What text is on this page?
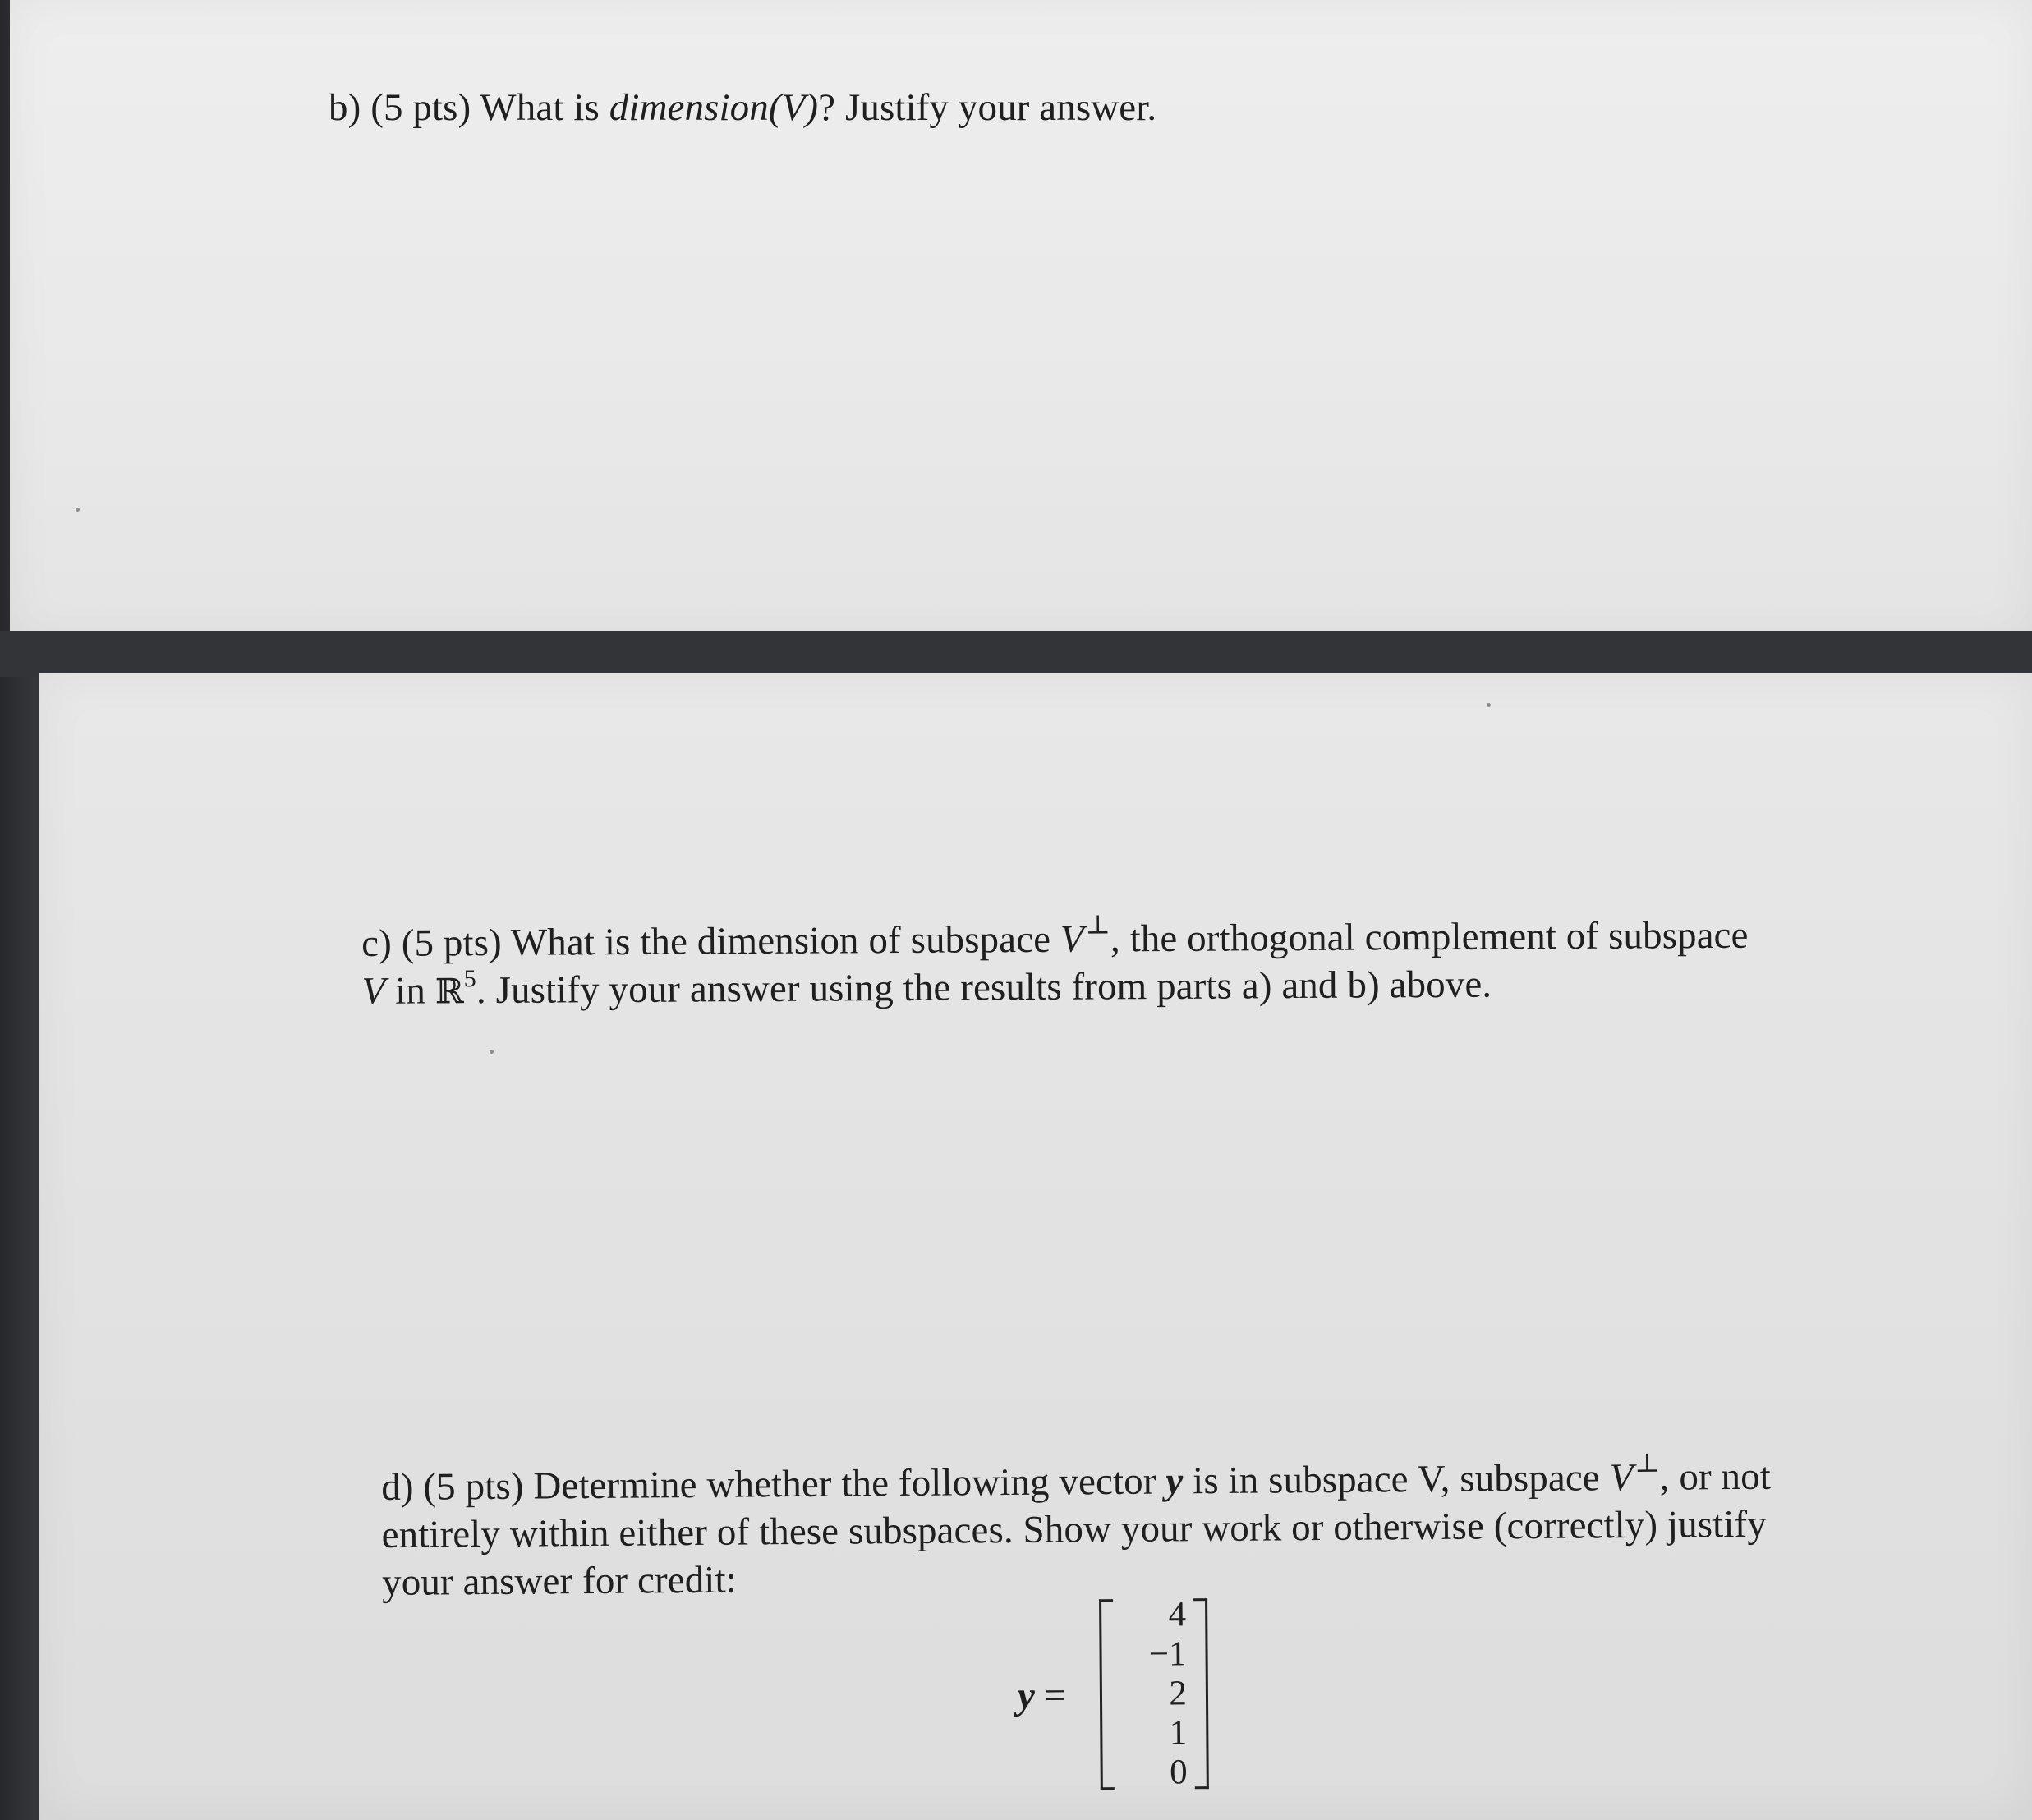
b) (5 pts) What is dimension(V)? Justify your answer.

c) (5 pts) What is the dimension of subspace V⊥, the orthogonal complement of subspace
V in ℝ$^5$. Justify your answer using the results from parts a) and b) above.

d) (5 pts) Determine whether the following vector y is in subspace V, subspace V⊥, or not
entirely within either of these subspaces. Show your work or otherwise (correctly) justify
your answer for credit:

y =
4
−1
2
1
0
